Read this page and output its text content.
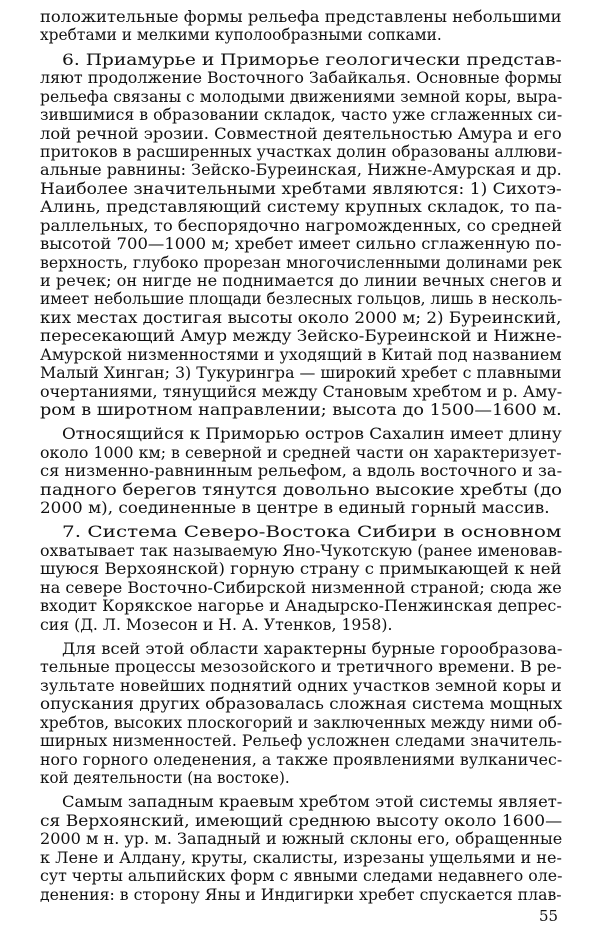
положительные формы рельефа представлены небольшими
хребтами и мелкими куполообразными сопками.
6. Приамурье и Приморье геологически представ-
ляют продолжение Восточного Забайкалья. Основные формы
рельефа связаны с молодыми движениями земной коры, выра-
зившимися в образовании складок, часто уже сглаженных си-
лой речной эрозии. Совместной деятельностью Амура и его
притоков в расширенных участках долин образованы аллюви-
альные равнины: Зейско-Буреинская, Нижне-Амурская и др.
Наиболее значительными хребтами являются: 1) Сихотэ-
Алинь, представляющий систему крупных складок, то па-
раллельных, то беспорядочно нагроможденных, со средней
высотой 700—1000 м; хребет имеет сильно сглаженную по-
верхность, глубоко прорезан многочисленными долинами рек
и речек; он нигде не поднимается до линии вечных снегов и
имеет небольшие площади безлесных гольцов, лишь в несколь-
ких местах достигая высоты около 2000 м; 2) Буреинский,
пересекающий Амур между Зейско-Буреинской и Нижне-
Амурской низменностями и уходящий в Китай под названием
Малый Хинган; 3) Тукурингра — широкий хребет с плавными
очертаниями, тянущийся между Становым хребтом и р. Аму-
ром в широтном направлении; высота до 1500—1600 м.
Относящийся к Приморью остров Сахалин имеет длину
около 1000 км; в северной и средней части он характеризует-
ся низменно-равнинным рельефом, а вдоль восточного и за-
падного берегов тянутся довольно высокие хребты (до
2000 м), соединенные в центре в единый горный массив.
7. Система Северо-Востока Сибири в основном
охватывает так называемую Яно-Чукотскую (ранее именовав-
шуюся Верхоянской) горную страну с примыкающей к ней
на севере Восточно-Сибирской низменной страной; сюда же
входит Корякское нагорье и Анадырско-Пенжинская депрес-
сия (Д. Л. Мозесон и Н. А. Утенков, 1958).
Для всей этой области характерны бурные горообразова-
тельные процессы мезозойского и третичного времени. В ре-
зультате новейших поднятий одних участков земной коры и
опускания других образовалась сложная система мощных
хребтов, высоких плоскогорий и заключенных между ними об-
ширных низменностей. Рельеф усложнен следами значитель-
ного горного оледенения, а также проявлениями вулканичес-
кой деятельности (на востоке).
Самым западным краевым хребтом этой системы являет-
ся Верхоянский, имеющий среднюю высоту около 1600—
2000 м н. ур. м. Западный и южный склоны его, обращенные
к Лене и Алдану, круты, скалисты, изрезаны ущельями и не-
сут черты альпийских форм с явными следами недавнего оле-
денения: в сторону Яны и Индигирки хребет спускается плав-
55
